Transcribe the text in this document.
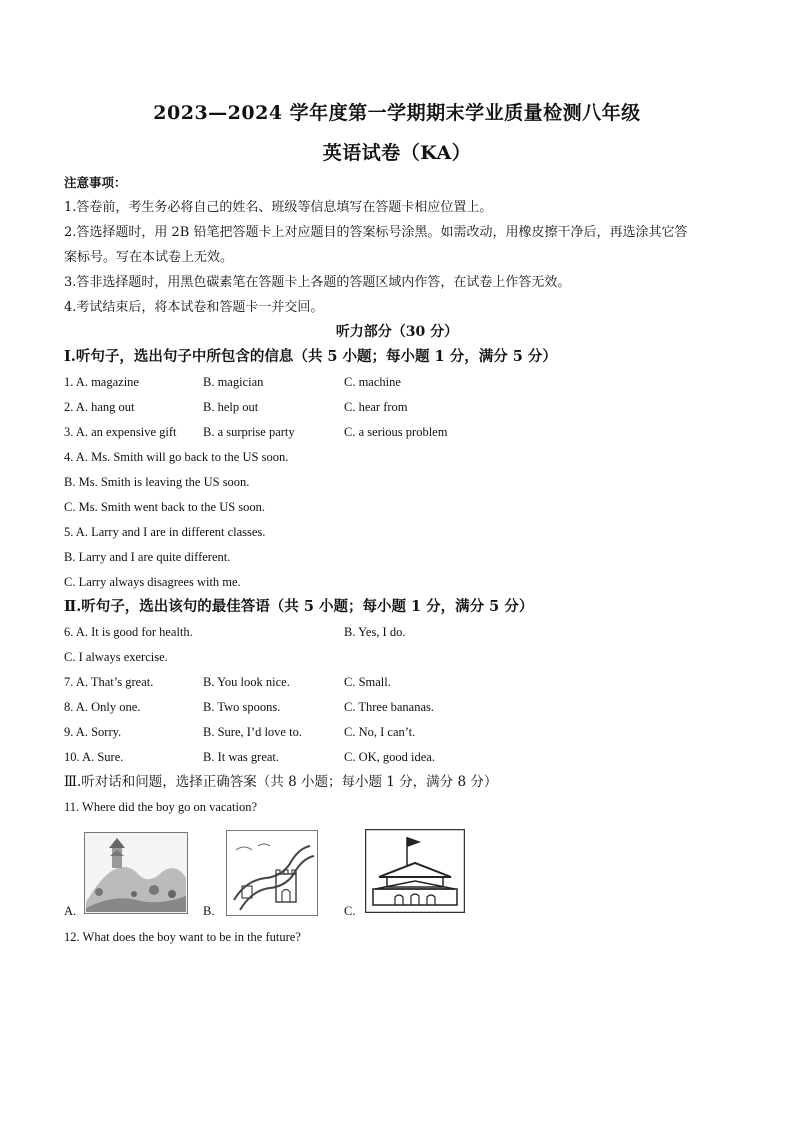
2023—2024 学年度第一学期期末学业质量检测八年级
英语试卷（KA）
注意事项：
1.答卷前，考生务必将自己的姓名、班级等信息填写在答题卡相应位置上。
2.答选择题时，用 2B 铅笔把答题卡上对应题目的答案标号涂黑。如需改动，用橡皮擦干净后，再选涂其它答
案标号。写在本试卷上无效。
3.答非选择题时，用黑色碳素笔在答题卡上各题的答题区域内作答，在试卷上作答无效。
4.考试结束后，将本试卷和答题卡一并交回。
听力部分（30 分）
Ⅰ.听句子，选出句子中所包含的信息（共 5 小题；每小题 1 分，满分 5 分）
1. A. magazine	B. magician	C. machine
2. A. hang out	B. help out	C. hear from
3. A. an expensive gift B. a surprise party	C. a serious problem
4. A. Ms. Smith will go back to the US soon.
B. Ms. Smith is leaving the US soon.
C. Ms. Smith went back to the US soon.
5. A. Larry and I are in different classes.
B. Larry and I are quite different.
C. Larry always disagrees with me.
Ⅱ.听句子，选出该句的最佳答语（共 5 小题；每小题 1 分，满分 5 分）
6. A. It is good for health.	B. Yes, I do.
C. I always exercise.
7. A. That’s great.	B. You look nice.	C. Small.
8. A. Only one.	B. Two spoons.	C. Three bananas.
9. A. Sorry.	B. Sure, I’d love to.	C. No, I can’t.
10. A. Sure.	B. It was great.	C. OK, good idea.
Ⅲ.听对话和问题，选择正确答案（共 8 小题；每小题 1 分，满分 8 分）
11. Where did the boy go on vacation?
A.	B.	C.
12. What does the boy want to be in the future?
